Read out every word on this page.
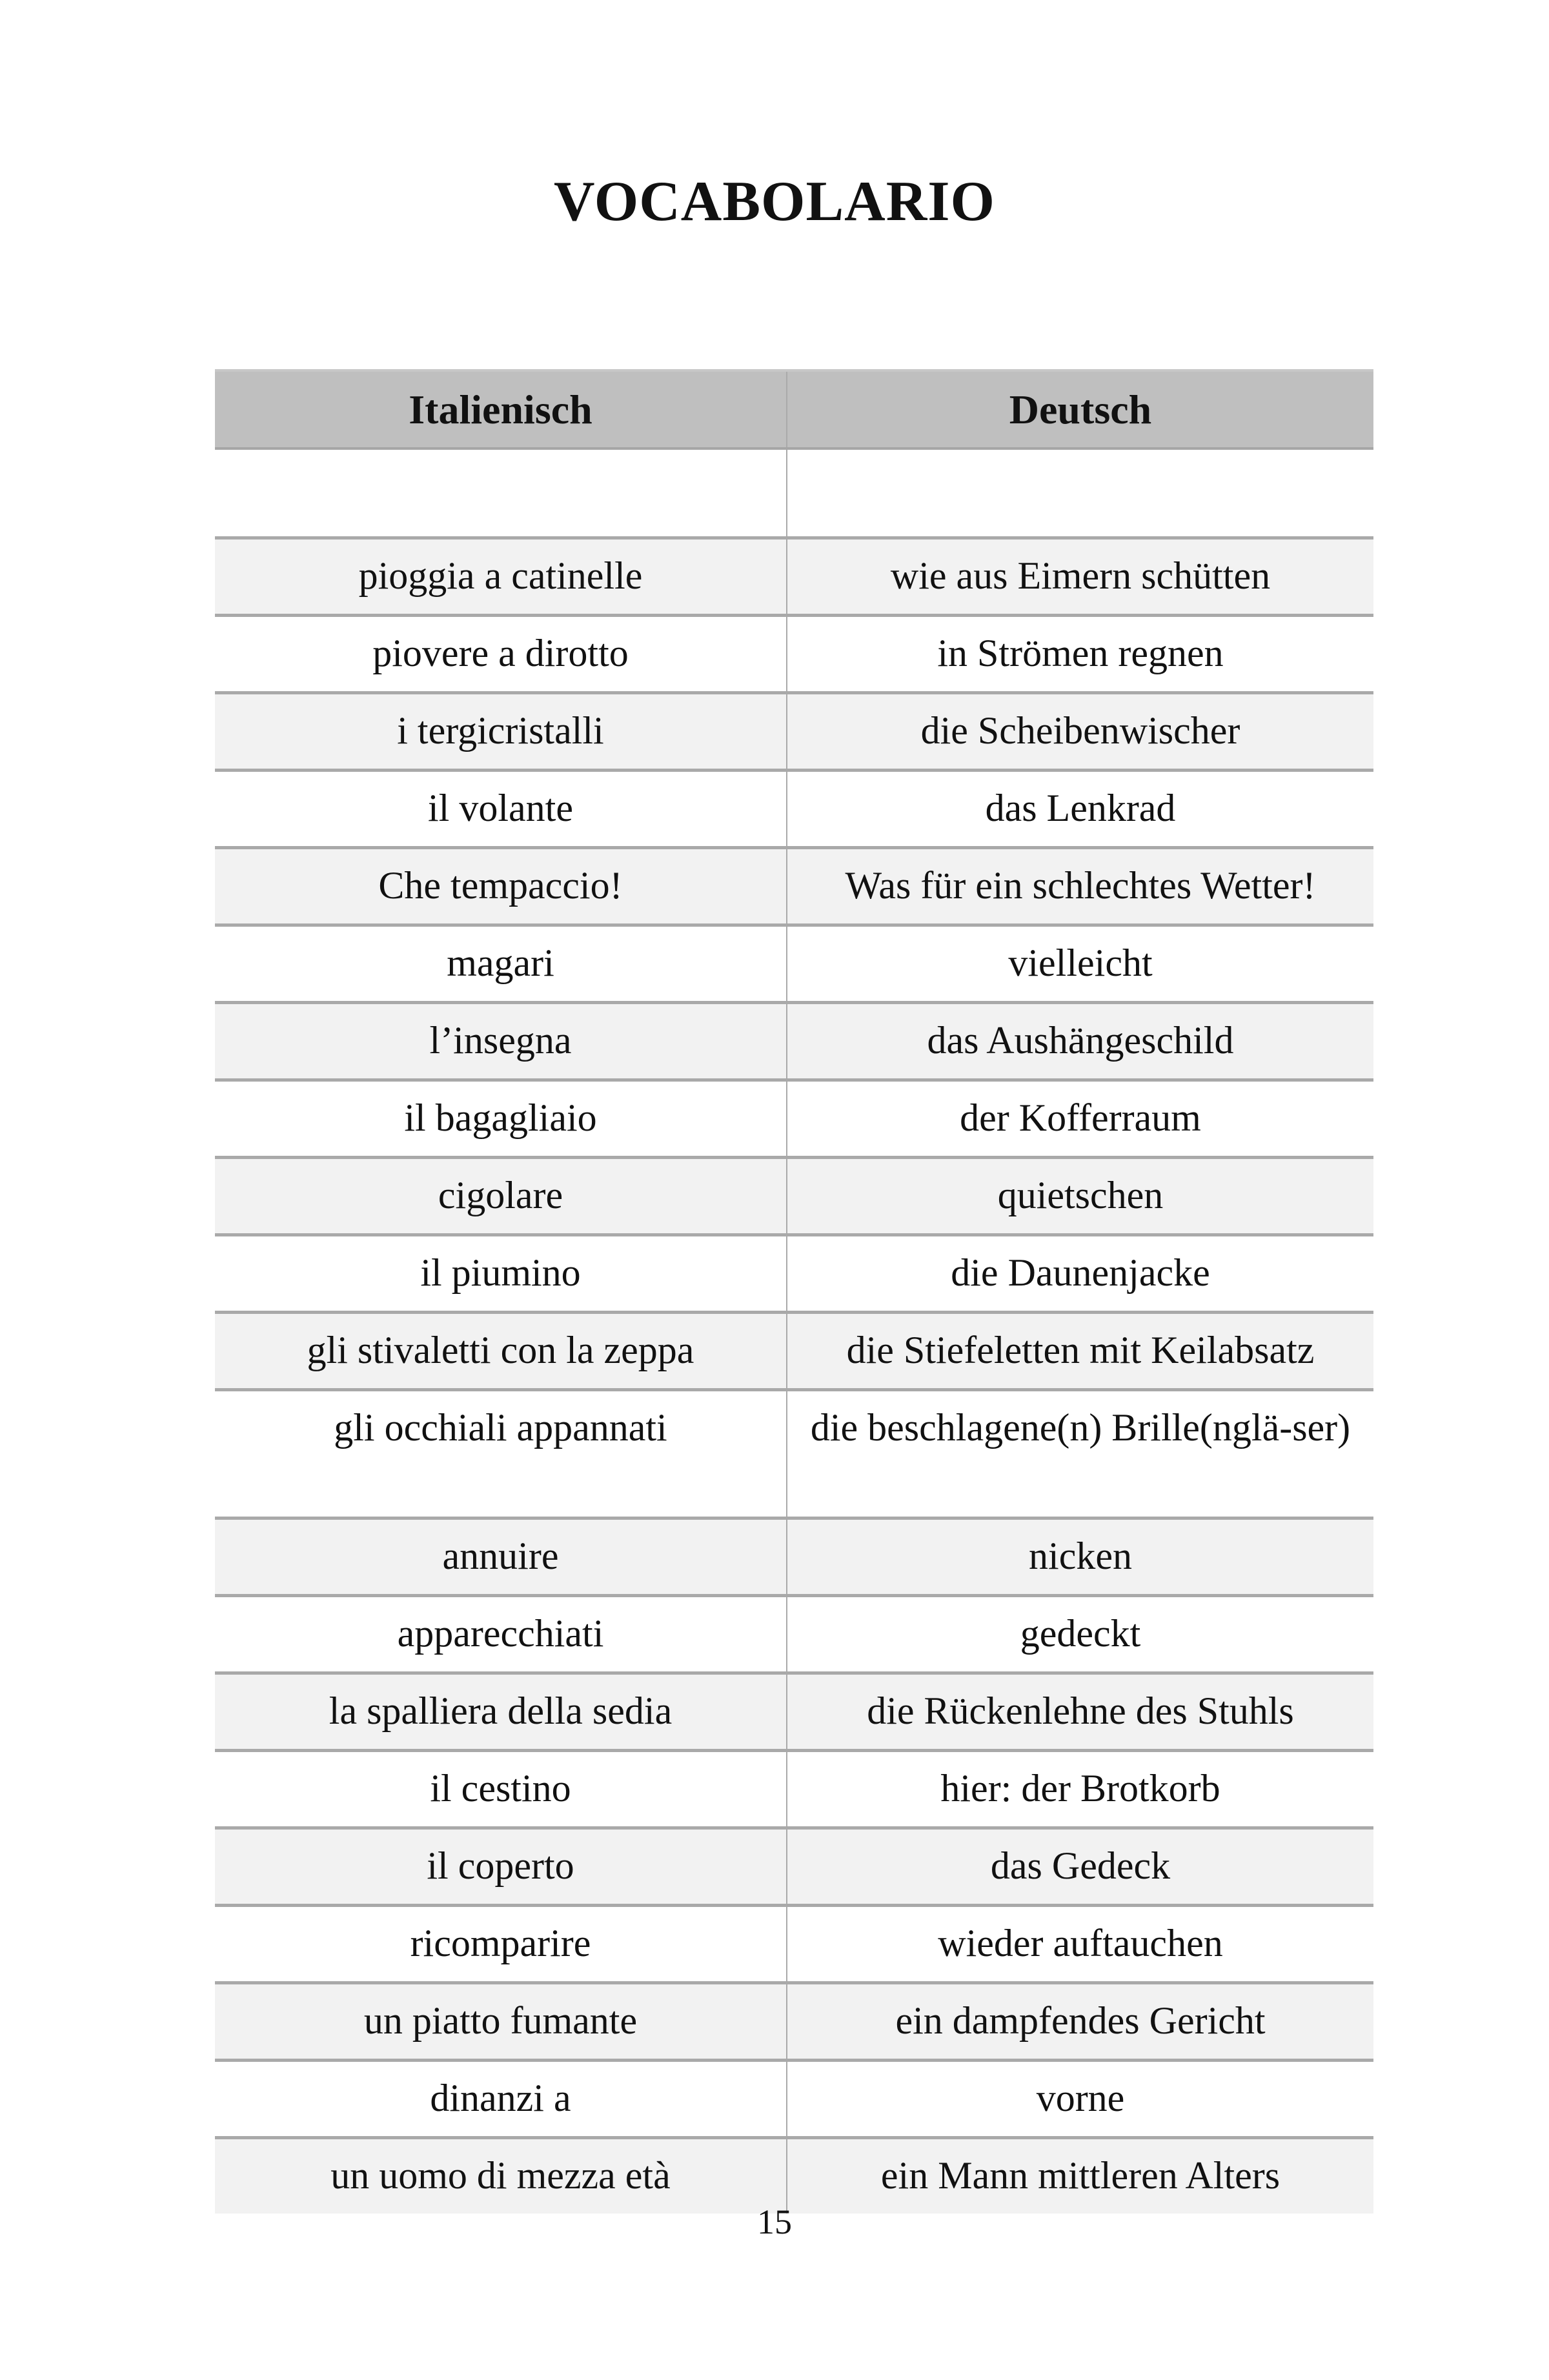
VOCABOLARIO
Italienisch	Deutsch

pioggia a catinelle	wie aus Eimern schütten
piovere a dirotto	in Strömen regnen
i tergicristalli	die Scheibenwischer
il volante	das Lenkrad
Che tempaccio!	Was für ein schlechtes Wetter!
magari	vielleicht
l’insegna	das Aushängeschild
il bagagliaio	der Kofferraum
cigolare	quietschen
il piumino	die Daunenjacke
gli stivaletti con la zeppa	die Stiefeletten mit Keilabsatz
gli occhiali appannati	die beschlagene(n) Brille(nglä-ser)
annuire	nicken
apparecchiati	gedeckt
la spalliera della sedia	die Rückenlehne des Stuhls
il cestino	hier: der Brotkorb
il coperto	das Gedeck
ricomparire	wieder auftauchen
un piatto fumante	ein dampfendes Gericht
dinanzi a	vorne
un uomo di mezza età	ein Mann mittleren Alters
15
